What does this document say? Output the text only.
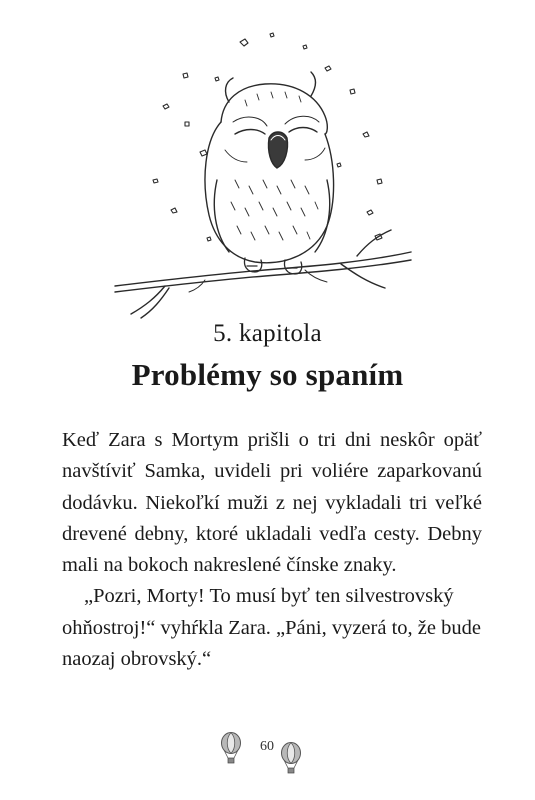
5. kapitola
Problémy so spaním

Keď Zara s Mortym prišli o tri dni neskôr opäť navštíviť Samka, uvideli pri voliére zaparkovanú dodávku. Niekoľkí muži z nej vykladali tri veľké drevené debny, ktoré ukladali vedľa cesty. Debny mali na bokoch nakreslené čínske znaky.

„Pozri, Morty! To musí byť ten silvestrovský ohňostroj!“ vyhŕkla Zara. „Páni, vyzerá to, že bude naozaj obrovský.“

60
